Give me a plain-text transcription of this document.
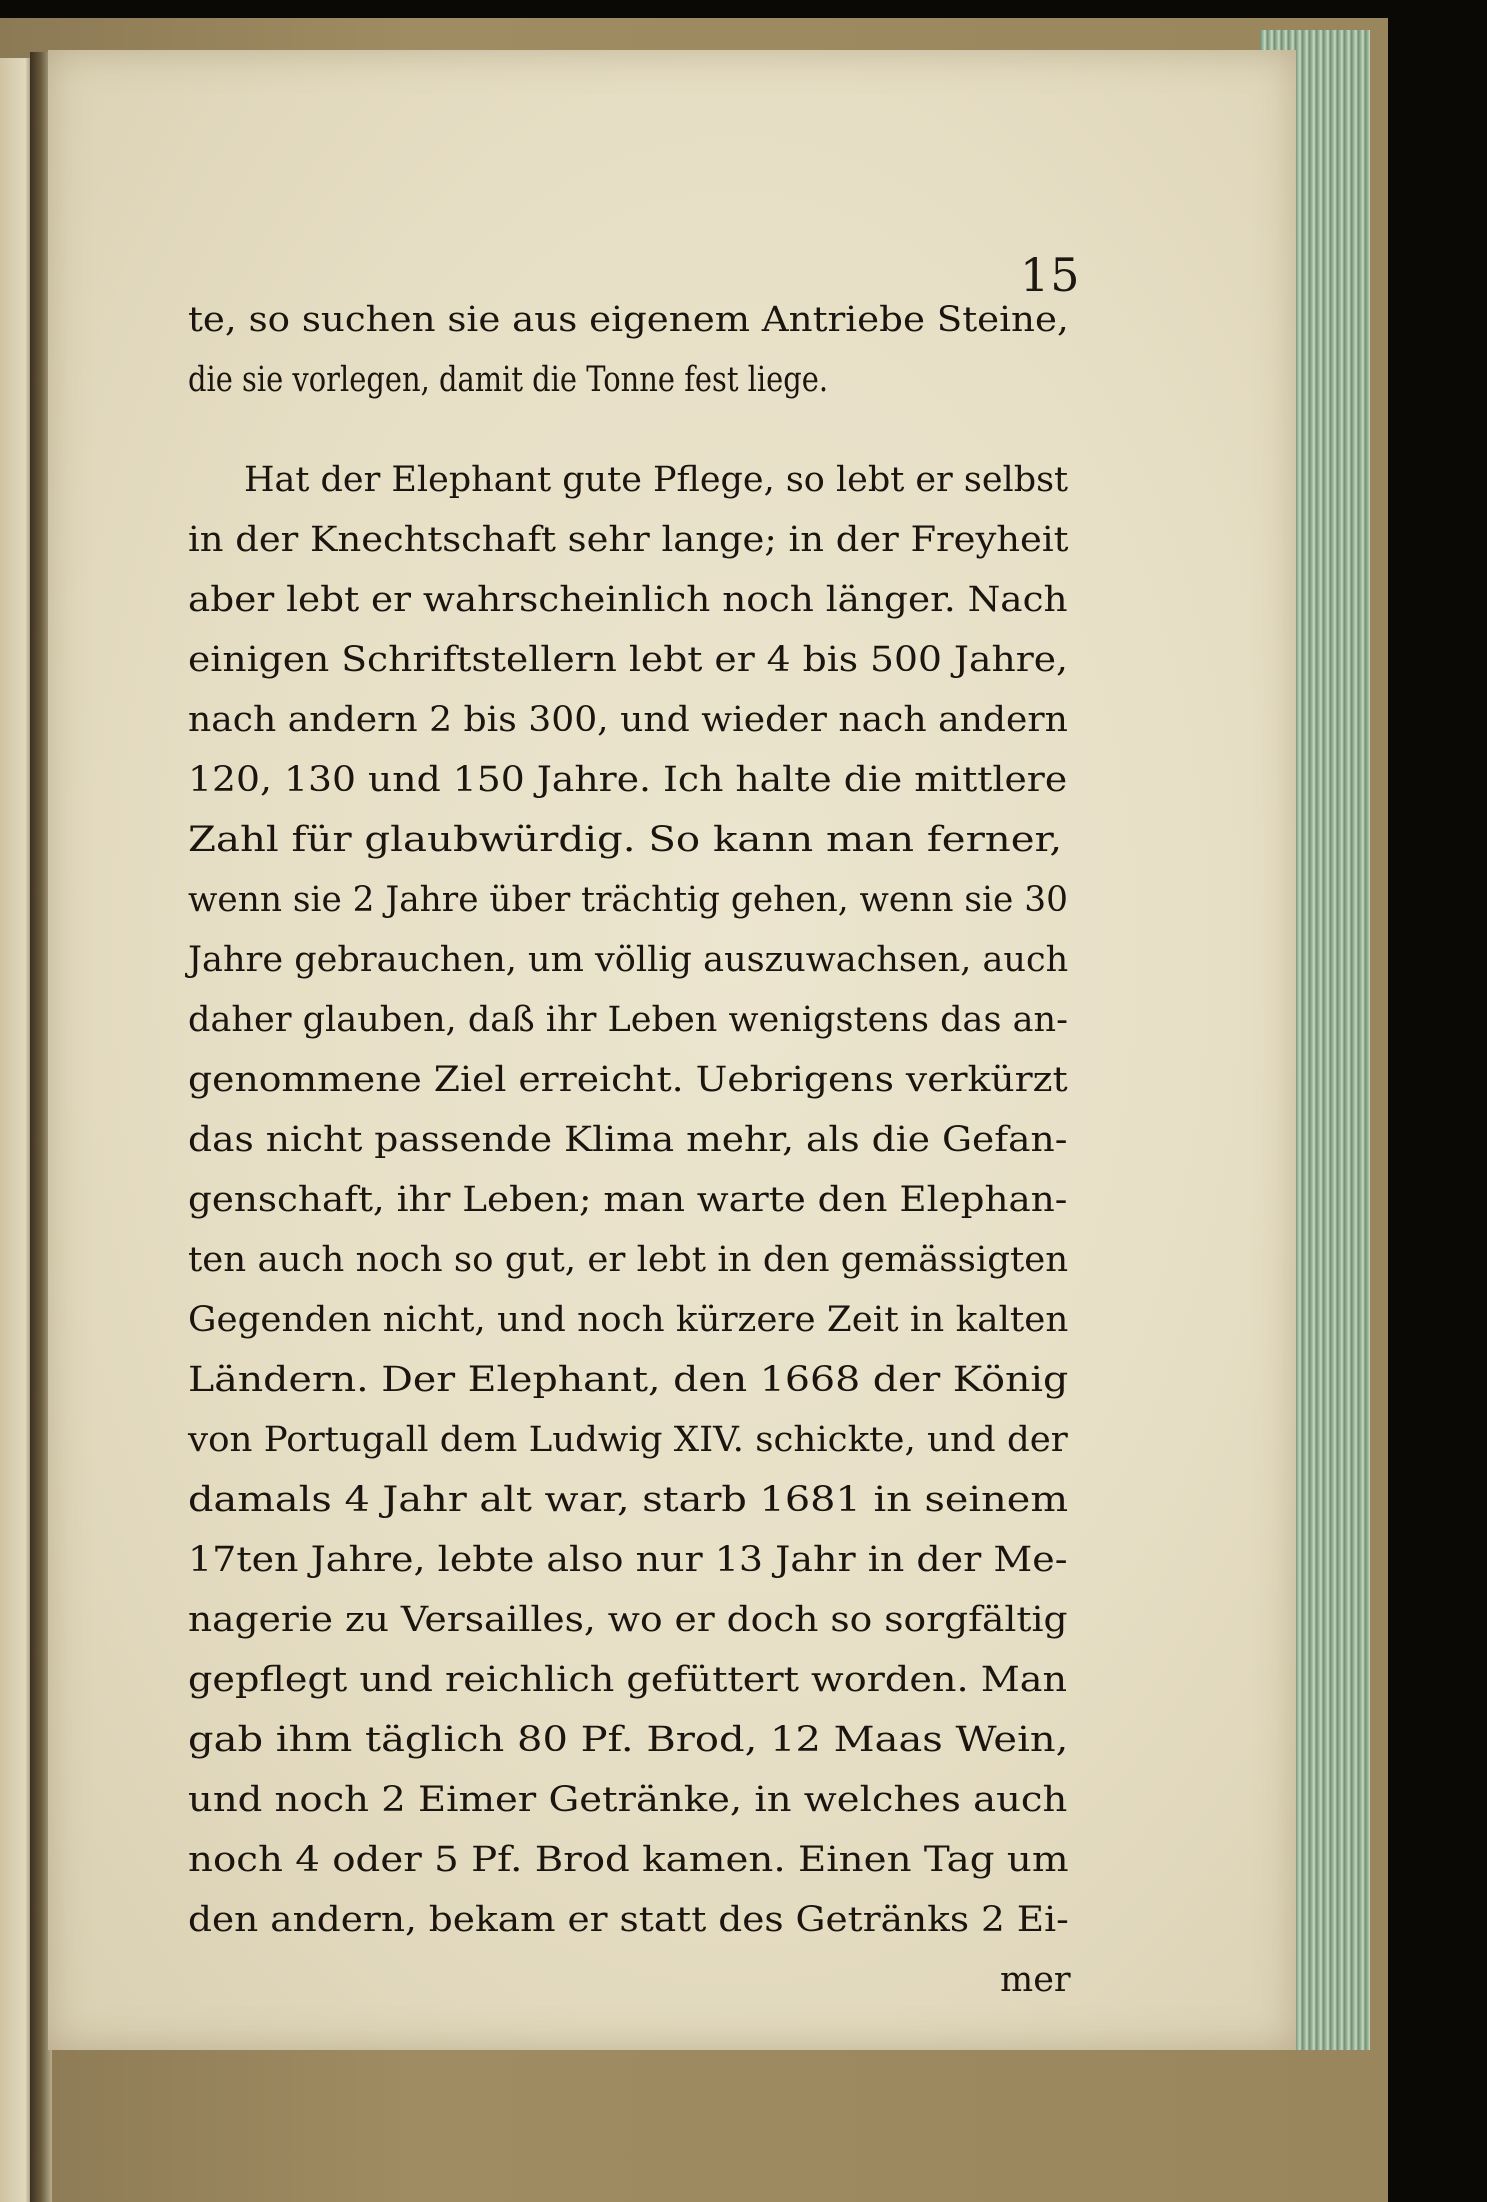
15
te, so suchen sie aus eigenem Antriebe Steine,
die sie vorlegen, damit die Tonne fest liege.
Hat der Elephant gute Pflege, so lebt er selbst
in der Knechtschaft sehr lange; in der Freyheit
aber lebt er wahrscheinlich noch länger. Nach
einigen Schriftstellern lebt er 4 bis 500 Jahre,
nach andern 2 bis 300, und wieder nach andern
120, 130 und 150 Jahre. Ich halte die mittlere
Zahl für glaubwürdig. So kann man ferner,
wenn sie 2 Jahre über trächtig gehen, wenn sie 30
Jahre gebrauchen, um völlig auszuwachsen, auch
daher glauben, daß ihr Leben wenigstens das an-
genommene Ziel erreicht. Uebrigens verkürzt
das nicht passende Klima mehr, als die Gefan-
genschaft, ihr Leben; man warte den Elephan-
ten auch noch so gut, er lebt in den gemässigten
Gegenden nicht, und noch kürzere Zeit in kalten
Ländern. Der Elephant, den 1668 der König
von Portugall dem Ludwig XIV. schickte, und der
damals 4 Jahr alt war, starb 1681 in seinem
17ten Jahre, lebte also nur 13 Jahr in der Me-
nagerie zu Versailles, wo er doch so sorgfältig
gepflegt und reichlich gefüttert worden. Man
gab ihm täglich 80 Pf. Brod, 12 Maas Wein,
und noch 2 Eimer Getränke, in welches auch
noch 4 oder 5 Pf. Brod kamen. Einen Tag um
den andern, bekam er statt des Getränks 2 Ei-
mer
